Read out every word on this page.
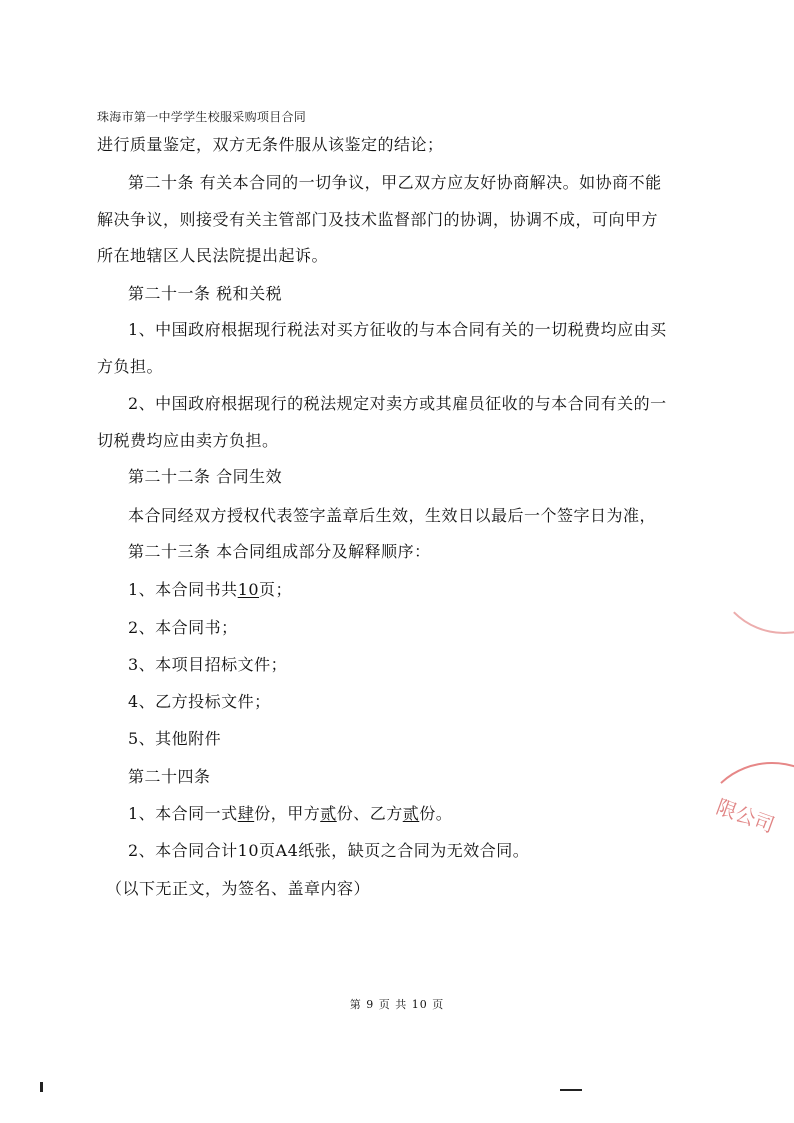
珠海市第一中学学生校服采购项目合同
进行质量鉴定，双方无条件服从该鉴定的结论；
第二十条 有关本合同的一切争议，甲乙双方应友好协商解决。如协商不能
解决争议，则接受有关主管部门及技术监督部门的协调，协调不成，可向甲方
所在地辖区人民法院提出起诉。
第二十一条 税和关税
1、中国政府根据现行税法对买方征收的与本合同有关的一切税费均应由买
方负担。
2、中国政府根据现行的税法规定对卖方或其雇员征收的与本合同有关的一
切税费均应由卖方负担。
第二十二条 合同生效
本合同经双方授权代表签字盖章后生效，生效日以最后一个签字日为准，
第二十三条 本合同组成部分及解释顺序：
1、本合同书共10页；
2、本合同书；
3、本项目招标文件；
4、乙方投标文件；
5、其他附件
第二十四条
1、本合同一式肆份，甲方贰份、乙方贰份。
2、本合同合计10页A4纸张，缺页之合同为无效合同。
（以下无正文，为签名、盖章内容）
限公司
第 9 页 共 10 页
